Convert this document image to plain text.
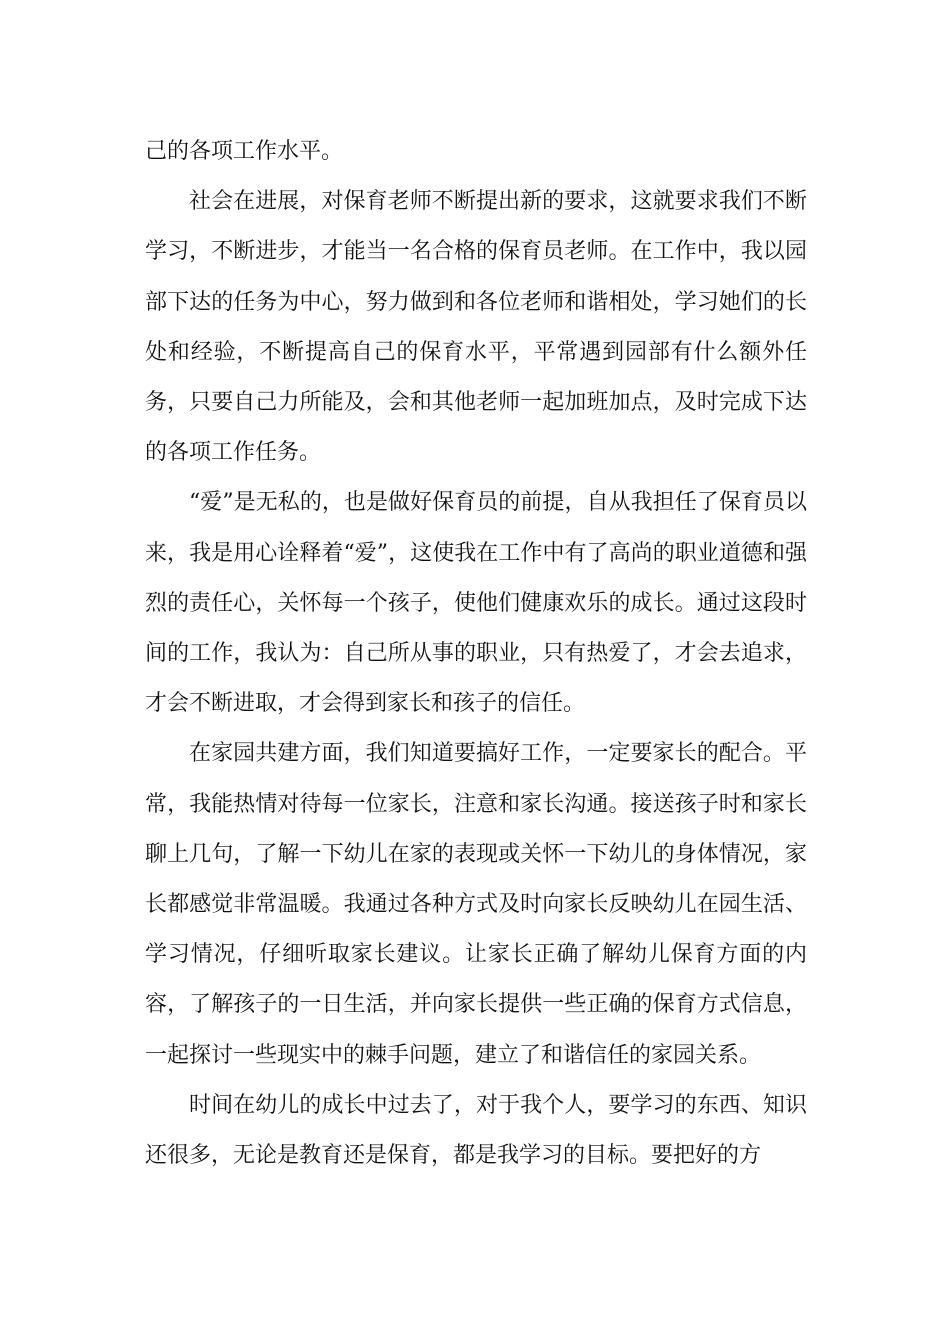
己的各项工作水平。

社会在进展，对保育老师不断提出新的要求，这就要求我们不断学习，不断进步，才能当一名合格的保育员老师。在工作中，我以园部下达的任务为中心，努力做到和各位老师和谐相处，学习她们的长处和经验，不断提高自己的保育水平，平常遇到园部有什么额外任务，只要自己力所能及，会和其他老师一起加班加点，及时完成下达的各项工作任务。

“爱”是无私的，也是做好保育员的前提，自从我担任了保育员以来，我是用心诠释着“爱”，这使我在工作中有了高尚的职业道德和强烈的责任心，关怀每一个孩子，使他们健康欢乐的成长。通过这段时间的工作，我认为：自己所从事的职业，只有热爱了，才会去追求，才会不断进取，才会得到家长和孩子的信任。

在家园共建方面，我们知道要搞好工作，一定要家长的配合。平常，我能热情对待每一位家长，注意和家长沟通。接送孩子时和家长聊上几句，了解一下幼儿在家的表现或关怀一下幼儿的身体情况，家长都感觉非常温暖。我通过各种方式及时向家长反映幼儿在园生活、学习情况，仔细听取家长建议。让家长正确了解幼儿保育方面的内容，了解孩子的一日生活，并向家长提供一些正确的保育方式信息，一起探讨一些现实中的棘手问题，建立了和谐信任的家园关系。

时间在幼儿的成长中过去了，对于我个人，要学习的东西、知识还很多，无论是教育还是保育，都是我学习的目标。要把好的方
